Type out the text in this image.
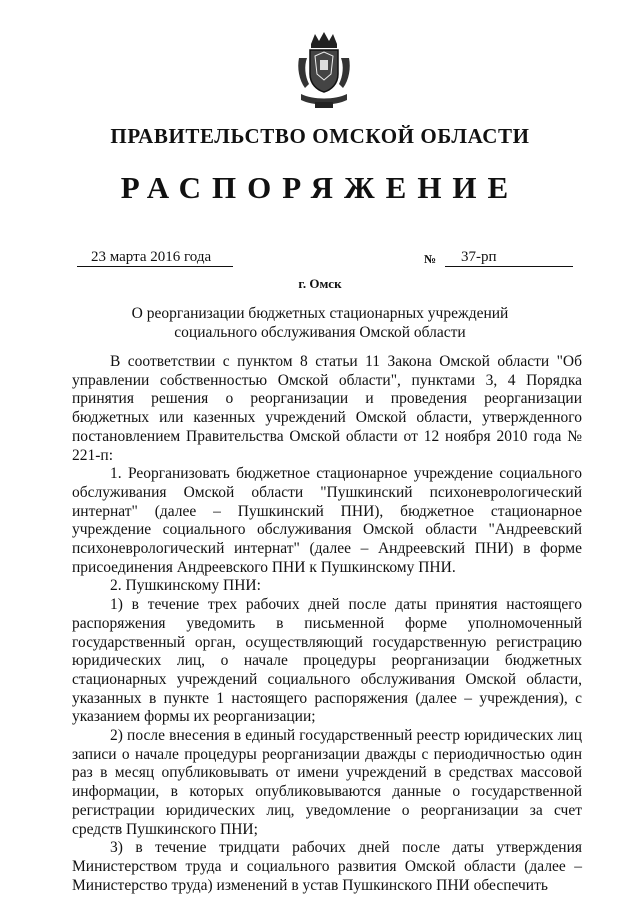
ПРАВИТЕЛЬСТВО ОМСКОЙ ОБЛАСТИ
РАСПОРЯЖЕНИЕ
23 марта 2016 года	№	37-рп
г. Омск
О реорганизации бюджетных стационарных учреждений
социального обслуживания Омской области

В соответствии с пунктом 8 статьи 11 Закона Омской области "Об управлении собственностью Омской области", пунктами 3, 4 Порядка принятия решения о реорганизации и проведения реорганизации бюджетных или казенных учреждений Омской области, утвержденного постановлением Правительства Омской области от 12 ноября 2010 года № 221-п:

1. Реорганизовать бюджетное стационарное учреждение социального обслуживания Омской области "Пушкинский психоневрологический интернат" (далее – Пушкинский ПНИ), бюджетное стационарное учреждение социального обслуживания Омской области "Андреевский психоневрологический интернат" (далее – Андреевский ПНИ) в форме присоединения Андреевского ПНИ к Пушкинскому ПНИ.

2. Пушкинскому ПНИ:

1) в течение трех рабочих дней после даты принятия настоящего распоряжения уведомить в письменной форме уполномоченный государственный орган, осуществляющий государственную регистрацию юридических лиц, о начале процедуры реорганизации бюджетных стационарных учреждений социального обслуживания Омской области, указанных в пункте 1 настоящего распоряжения (далее – учреждения), с указанием формы их реорганизации;

2) после внесения в единый государственный реестр юридических лиц записи о начале процедуры реорганизации дважды с периодичностью один раз в месяц опубликовывать от имени учреждений в средствах массовой информации, в которых опубликовываются данные о государственной регистрации юридических лиц, уведомление о реорганизации за счет средств Пушкинского ПНИ;

3) в течение тридцати рабочих дней после даты утверждения Министерством труда и социального развития Омской области (далее – Министерство труда) изменений в устав Пушкинского ПНИ обеспечить
